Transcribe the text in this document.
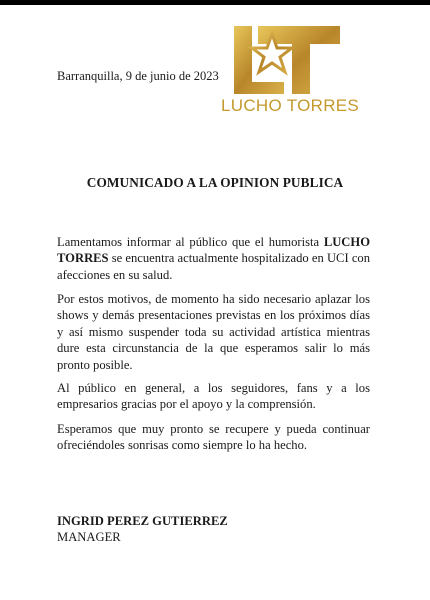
Barranquilla, 9 de junio de 2023
LUCHO TORRES
COMUNICADO A LA OPINION PUBLICA

Lamentamos informar al público que el humorista LUCHO TORRES se encuentra actualmente hospitalizado en UCI con afecciones en su salud.

Por estos motivos, de momento ha sido necesario aplazar los shows y demás presentaciones previstas en los próximos días y así mismo suspender toda su actividad artística mientras dure esta circunstancia de la que esperamos salir lo más pronto posible.

Al público en general, a los seguidores, fans y a los empresarios gracias por el apoyo y la comprensión.

Esperamos que muy pronto se recupere y pueda continuar ofreciéndoles sonrisas como siempre lo ha hecho.

INGRID PEREZ GUTIERREZ
MANAGER
